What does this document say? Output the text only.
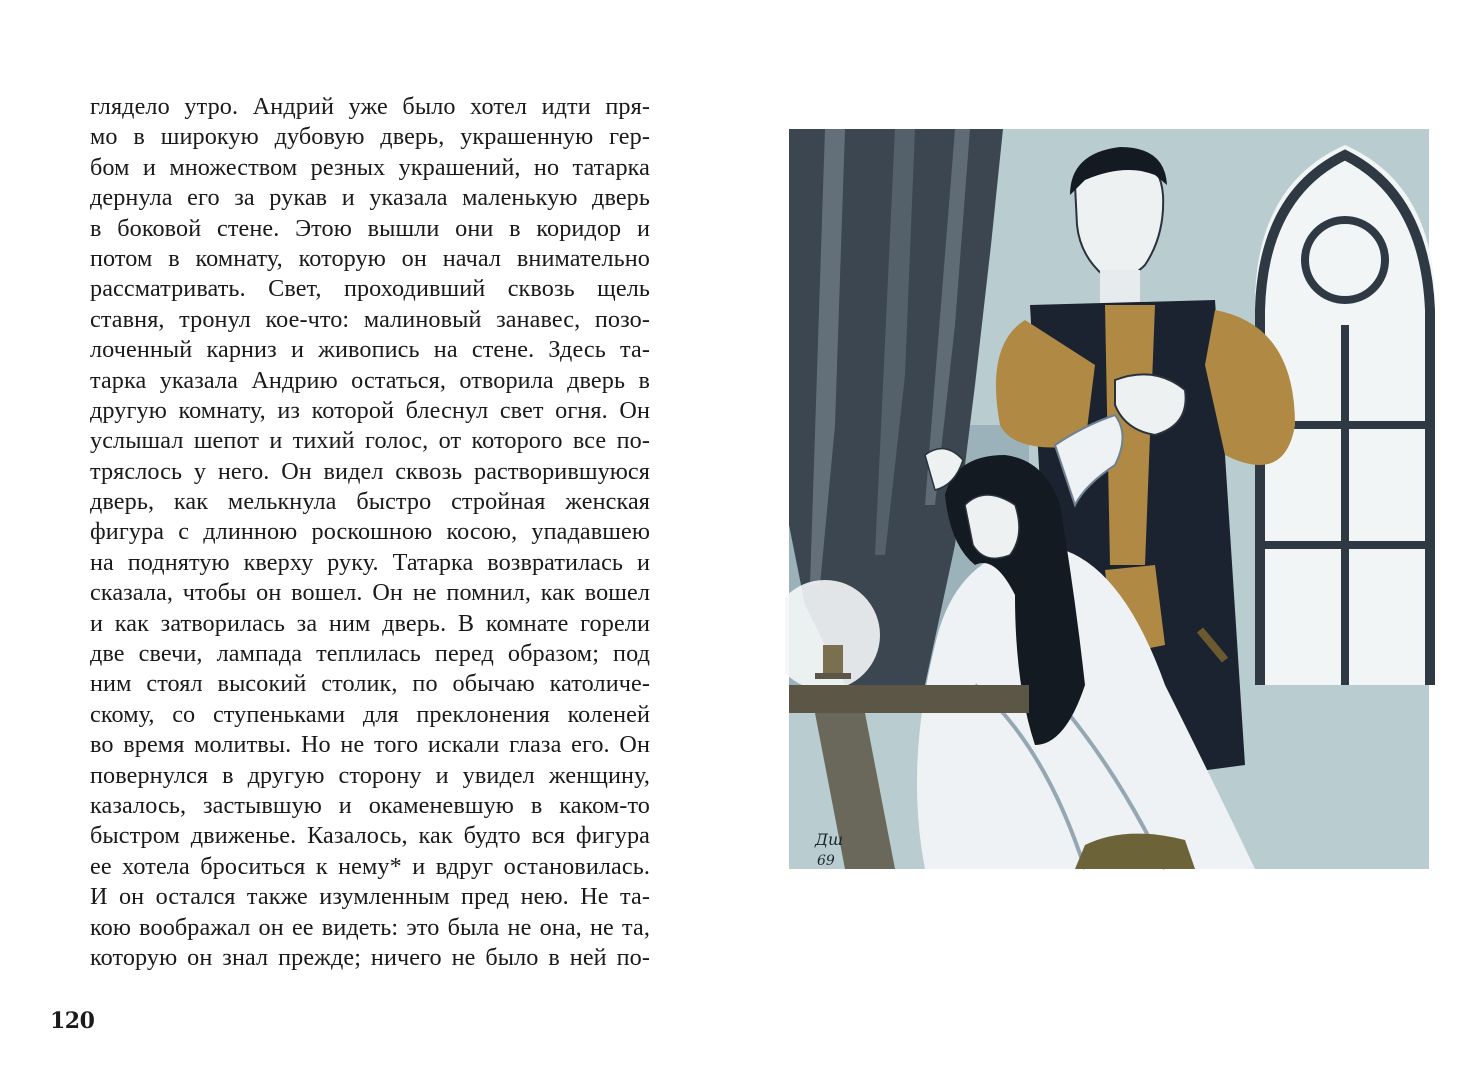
глядело утро. Андрий уже было хотел идти пря-
мо в широкую дубовую дверь, украшенную гер-
бом и множеством резных украшений, но татарка
дернула его за рукав и указала маленькую дверь
в боковой стене. Этою вышли они в коридор и
потом в комнату, которую он начал внимательно
рассматривать. Свет, проходивший сквозь щель
ставня, тронул кое-что: малиновый занавес, позо-
лоченный карниз и живопись на стене. Здесь та-
тарка указала Андрию остаться, отворила дверь в
другую комнату, из которой блеснул свет огня. Он
услышал шепот и тихий голос, от которого все по-
тряслось у него. Он видел сквозь растворившуюся
дверь, как мелькнула быстро стройная женская
фигура с длинною роскошною косою, упадавшею
на поднятую кверху руку. Татарка возвратилась и
сказала, чтобы он вошел. Он не помнил, как вошел
и как затворилась за ним дверь. В комнате горели
две свечи, лампада теплилась перед образом; под
ним стоял высокий столик, по обычаю католиче-
скому, со ступеньками для преклонения коленей
во время молитвы. Но не того искали глаза его. Он
повернулся в другую сторону и увидел женщину,
казалось, застывшую и окаменевшую в каком-то
быстром движенье. Казалось, как будто вся фигура
ее хотела броситься к нему* и вдруг остановилась.
И он остался также изумленным пред нею. Не та-
кою воображал он ее видеть: это была не она, не та,
которую он знал прежде; ничего не было в ней по-
120
Дш
69
